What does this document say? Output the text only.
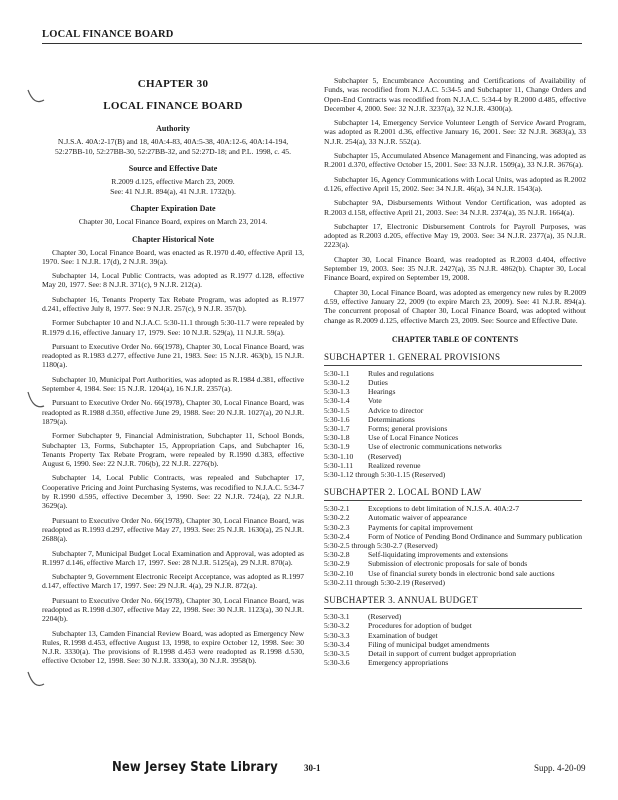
LOCAL FINANCE BOARD
CHAPTER 30
LOCAL FINANCE BOARD
Authority
N.J.S.A. 40A:2-17(B) and 18, 40A:4-83, 40A:5-38, 40A:12-6, 40A:14-194, 52:27BB-10, 52:27BB-30, 52:27BB-32, and 52:27D-18; and P.L. 1998, c. 45.
Source and Effective Date
R.2009 d.125, effective March 23, 2009.
See: 41 N.J.R. 894(a), 41 N.J.R. 1732(b).
Chapter Expiration Date
Chapter 30, Local Finance Board, expires on March 23, 2014.
Chapter Historical Note

Chapter 30, Local Finance Board, was enacted as R.1970 d.40, effective April 13, 1970. See: 1 N.J.R. 17(d), 2 N.J.R. 39(a).

Subchapter 14, Local Public Contracts, was adopted as R.1977 d.128, effective May 20, 1977. See: 8 N.J.R. 371(c), 9 N.J.R. 212(a).

Subchapter 16, Tenants Property Tax Rebate Program, was adopted as R.1977 d.241, effective July 8, 1977. See: 9 N.J.R. 257(c), 9 N.J.R. 357(b).

Former Subchapter 10 and N.J.A.C. 5:30-11.1 through 5:30-11.7 were repealed by R.1979 d.16, effective January 17, 1979. See: 10 N.J.R. 529(a), 11 N.J.R. 59(a).

Pursuant to Executive Order No. 66(1978), Chapter 30, Local Finance Board, was readopted as R.1983 d.277, effective June 21, 1983. See: 15 N.J.R. 463(b), 15 N.J.R. 1180(a).

Subchapter 10, Municipal Port Authorities, was adopted as R.1984 d.381, effective September 4, 1984. See: 15 N.J.R. 1204(a), 16 N.J.R. 2357(a).

Pursuant to Executive Order No. 66(1978), Chapter 30, Local Finance Board, was readopted as R.1988 d.350, effective June 29, 1988. See: 20 N.J.R. 1027(a), 20 N.J.R. 1879(a).

Former Subchapter 9, Financial Administration, Subchapter 11, School Bonds, Subchapter 13, Forms, Subchapter 15, Appropriation Caps, and Subchapter 16, Tenants Property Tax Rebate Program, were repealed by R.1990 d.383, effective August 6, 1990. See: 22 N.J.R. 706(b), 22 N.J.R. 2276(b).

Subchapter 14, Local Public Contracts, was repealed and Subchapter 17, Cooperative Pricing and Joint Purchasing Systems, was recodified to N.J.A.C. 5:34-7 by R.1990 d.595, effective December 3, 1990. See: 22 N.J.R. 724(a), 22 N.J.R. 3629(a).

Pursuant to Executive Order No. 66(1978), Chapter 30, Local Finance Board, was readopted as R.1993 d.297, effective May 27, 1993. See: 25 N.J.R. 1630(a), 25 N.J.R. 2688(a).

Subchapter 7, Municipal Budget Local Examination and Approval, was adopted as R.1997 d.146, effective March 17, 1997. See: 28 N.J.R. 5125(a), 29 N.J.R. 870(a).

Subchapter 9, Government Electronic Receipt Acceptance, was adopted as R.1997 d.147, effective March 17, 1997. See: 29 N.J.R. 4(a), 29 N.J.R. 872(a).

Pursuant to Executive Order No. 66(1978), Chapter 30, Local Finance Board, was readopted as R.1998 d.307, effective May 22, 1998. See: 30 N.J.R. 1123(a), 30 N.J.R. 2204(b).

Subchapter 13, Camden Financial Review Board, was adopted as Emergency New Rules, R.1998 d.453, effective August 13, 1998, to expire October 12, 1998. See: 30 N.J.R. 3330(a). The provisions of R.1998 d.453 were readopted as R.1998 d.530, effective October 12, 1998. See: 30 N.J.R. 3330(a), 30 N.J.R. 3958(b).

Subchapter 5, Encumbrance Accounting and Certifications of Availability of Funds, was recodified from N.J.A.C. 5:34-5 and Subchapter 11, Change Orders and Open-End Contracts was recodified from N.J.A.C. 5:34-4 by R.2000 d.485, effective December 4, 2000. See: 32 N.J.R. 3237(a), 32 N.J.R. 4300(a).

Subchapter 14, Emergency Service Volunteer Length of Service Award Program, was adopted as R.2001 d.36, effective January 16, 2001. See: 32 N.J.R. 3683(a), 33 N.J.R. 254(a), 33 N.J.R. 552(a).

Subchapter 15, Accumulated Absence Management and Financing, was adopted as R.2001 d.370, effective October 15, 2001. See: 33 N.J.R. 1509(a), 33 N.J.R. 3676(a).

Subchapter 16, Agency Communications with Local Units, was adopted as R.2002 d.126, effective April 15, 2002. See: 34 N.J.R. 46(a), 34 N.J.R. 1543(a).

Subchapter 9A, Disbursements Without Vendor Certification, was adopted as R.2003 d.158, effective April 21, 2003. See: 34 N.J.R. 2374(a), 35 N.J.R. 1664(a).

Subchapter 17, Electronic Disbursement Controls for Payroll Purposes, was adopted as R.2003 d.205, effective May 19, 2003. See: 34 N.J.R. 2377(a), 35 N.J.R. 2223(a).

Chapter 30, Local Finance Board, was readopted as R.2003 d.404, effective September 19, 2003. See: 35 N.J.R. 2427(a), 35 N.J.R. 4862(b). Chapter 30, Local Finance Board, expired on September 19, 2008.

Chapter 30, Local Finance Board, was adopted as emergency new rules by R.2009 d.59, effective January 22, 2009 (to expire March 23, 2009). See: 41 N.J.R. 894(a). The concurrent proposal of Chapter 30, Local Finance Board, was adopted without change as R.2009 d.125, effective March 23, 2009. See: Source and Effective Date.

CHAPTER TABLE OF CONTENTS
SUBCHAPTER 1. GENERAL PROVISIONS
5:30-1.1	Rules and regulations
5:30-1.2	Duties
5:30-1.3	Hearings
5:30-1.4	Vote
5:30-1.5	Advice to director
5:30-1.6	Determinations
5:30-1.7	Forms; general provisions
5:30-1.8	Use of Local Finance Notices
5:30-1.9	Use of electronic communications networks
5:30-1.10	(Reserved)
5:30-1.11	Realized revenue
5:30-1.12 through 5:30-1.15 (Reserved)
SUBCHAPTER 2. LOCAL BOND LAW
5:30-2.1	Exceptions to debt limitation of N.J.S.A. 40A:2-7
5:30-2.2	Automatic waiver of appearance
5:30-2.3	Payments for capital improvement
5:30-2.4	Form of Notice of Pending Bond Ordinance and Summary publication
5:30-2.5 through 5:30-2.7 (Reserved)
5:30-2.8	Self-liquidating improvements and extensions
5:30-2.9	Submission of electronic proposals for sale of bonds
5:30-2.10	Use of financial surety bonds in electronic bond sale auctions
5:30-2.11 through 5:30-2.19 (Reserved)
SUBCHAPTER 3. ANNUAL BUDGET
5:30-3.1	(Reserved)
5:30-3.2	Procedures for adoption of budget
5:30-3.3	Examination of budget
5:30-3.4	Filing of municipal budget amendments
5:30-3.5	Detail in support of current budget appropriation
5:30-3.6	Emergency appropriations
New Jersey State Library	30-1	Supp. 4-20-09
